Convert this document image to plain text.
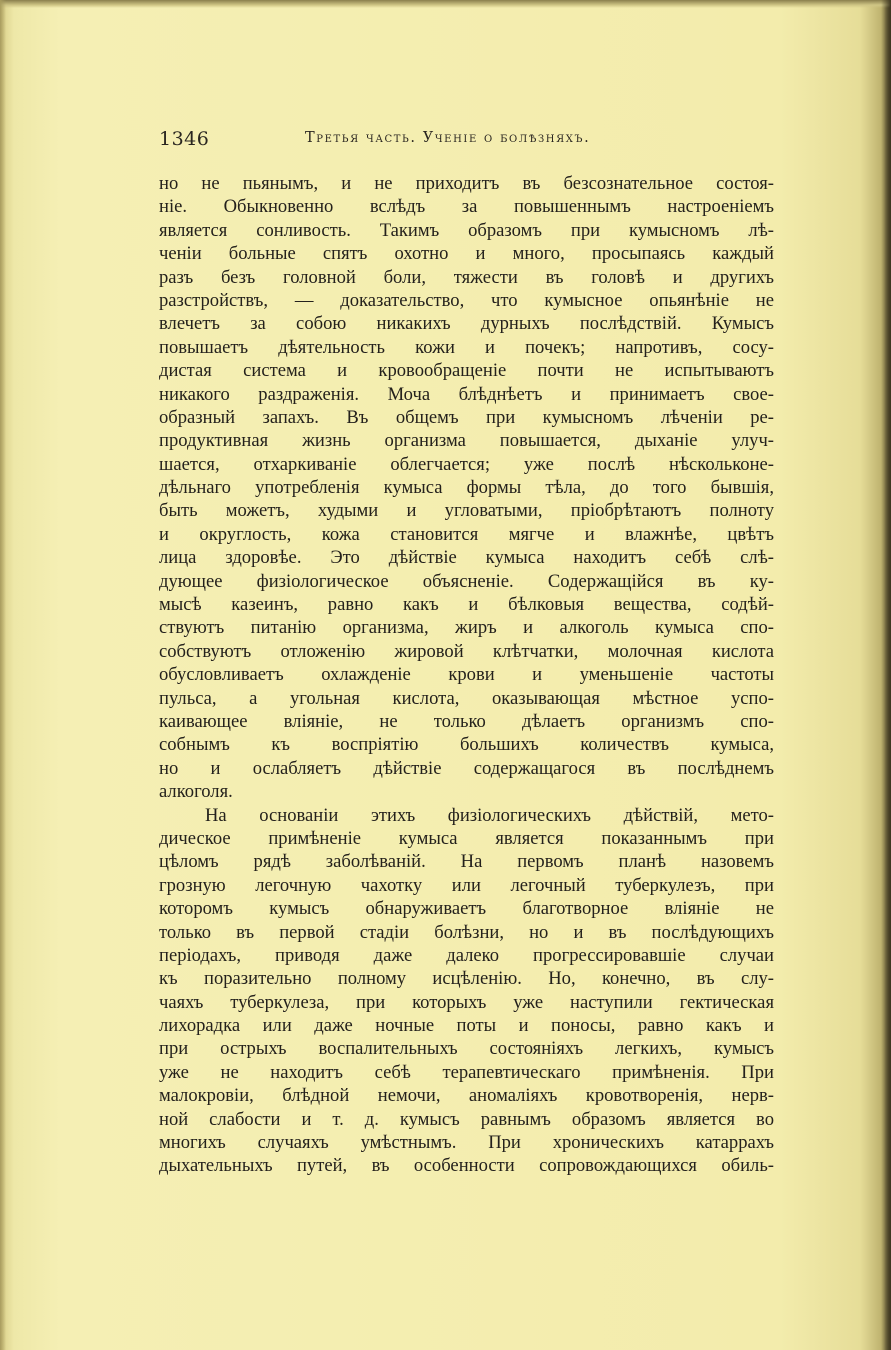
1346	Третья часть. Ученіе о болѣзняхъ.
но не пьянымъ, и не приходитъ въ безсознательное состоя-
ніе. Обыкновенно вслѣдъ за повышеннымъ настроеніемъ
является сонливость. Такимъ образомъ при кумысномъ лѣ-
ченіи больные спятъ охотно и много, просыпаясь каждый
разъ безъ головной боли, тяжести въ головѣ и другихъ
разстройствъ, — доказательство, что кумысное опьянѣніе не
влечетъ за собою никакихъ дурныхъ послѣдствій. Кумысъ
повышаетъ дѣятельность кожи и почекъ; напротивъ, сосу-
дистая система и кровообращеніе почти не испытываютъ
никакого раздраженія. Моча блѣднѣетъ и принимаетъ свое-
образный запахъ. Въ общемъ при кумысномъ лѣченіи ре-
продуктивная жизнь организма повышается, дыханіе улуч-
шается, отхаркиваніе облегчается; уже послѣ нѣскольконе-
дѣльнаго употребленія кумыса формы тѣла, до того бывшія,
быть можетъ, худыми и угловатыми, пріобрѣтаютъ полноту
и округлость, кожа становится мягче и влажнѣе, цвѣтъ
лица здоровѣе. Это дѣйствіе кумыса находитъ себѣ слѣ-
дующее физіологическое объясненіе. Содержащійся въ ку-
мысѣ казеинъ, равно какъ и бѣлковыя вещества, содѣй-
ствуютъ питанію организма, жиръ и алкоголь кумыса спо-
собствуютъ отложенію жировой клѣтчатки, молочная кислота
обусловливаетъ охлажденіе крови и уменьшеніе частоты
пульса, а угольная кислота, оказывающая мѣстное успо-
каивающее вліяніе, не только дѣлаетъ организмъ спо-
собнымъ къ воспріятію большихъ количествъ кумыса,
но и ослабляетъ дѣйствіе содержащагося въ послѣднемъ
алкоголя.
На основаніи этихъ физіологическихъ дѣйствій, мето-
дическое примѣненіе кумыса является показаннымъ при
цѣломъ рядѣ заболѣваній. На первомъ планѣ назовемъ
грозную легочную чахотку или легочный туберкулезъ, при
которомъ кумысъ обнаруживаетъ благотворное вліяніе не
только въ первой стадіи болѣзни, но и въ послѣдующихъ
періодахъ, приводя даже далеко прогрессировавшіе случаи
къ поразительно полному исцѣленію. Но, конечно, въ слу-
чаяхъ туберкулеза, при которыхъ уже наступили гектическая
лихорадка или даже ночные поты и поносы, равно какъ и
при острыхъ воспалительныхъ состояніяхъ легкихъ, кумысъ
уже не находитъ себѣ терапевтическаго примѣненія. При
малокровіи, блѣдной немочи, аномаліяхъ кровотворенія, нерв-
ной слабости и т. д. кумысъ равнымъ образомъ является во
многихъ случаяхъ умѣстнымъ. При хроническихъ катаррахъ
дыхательныхъ путей, въ особенности сопровождающихся обиль-
